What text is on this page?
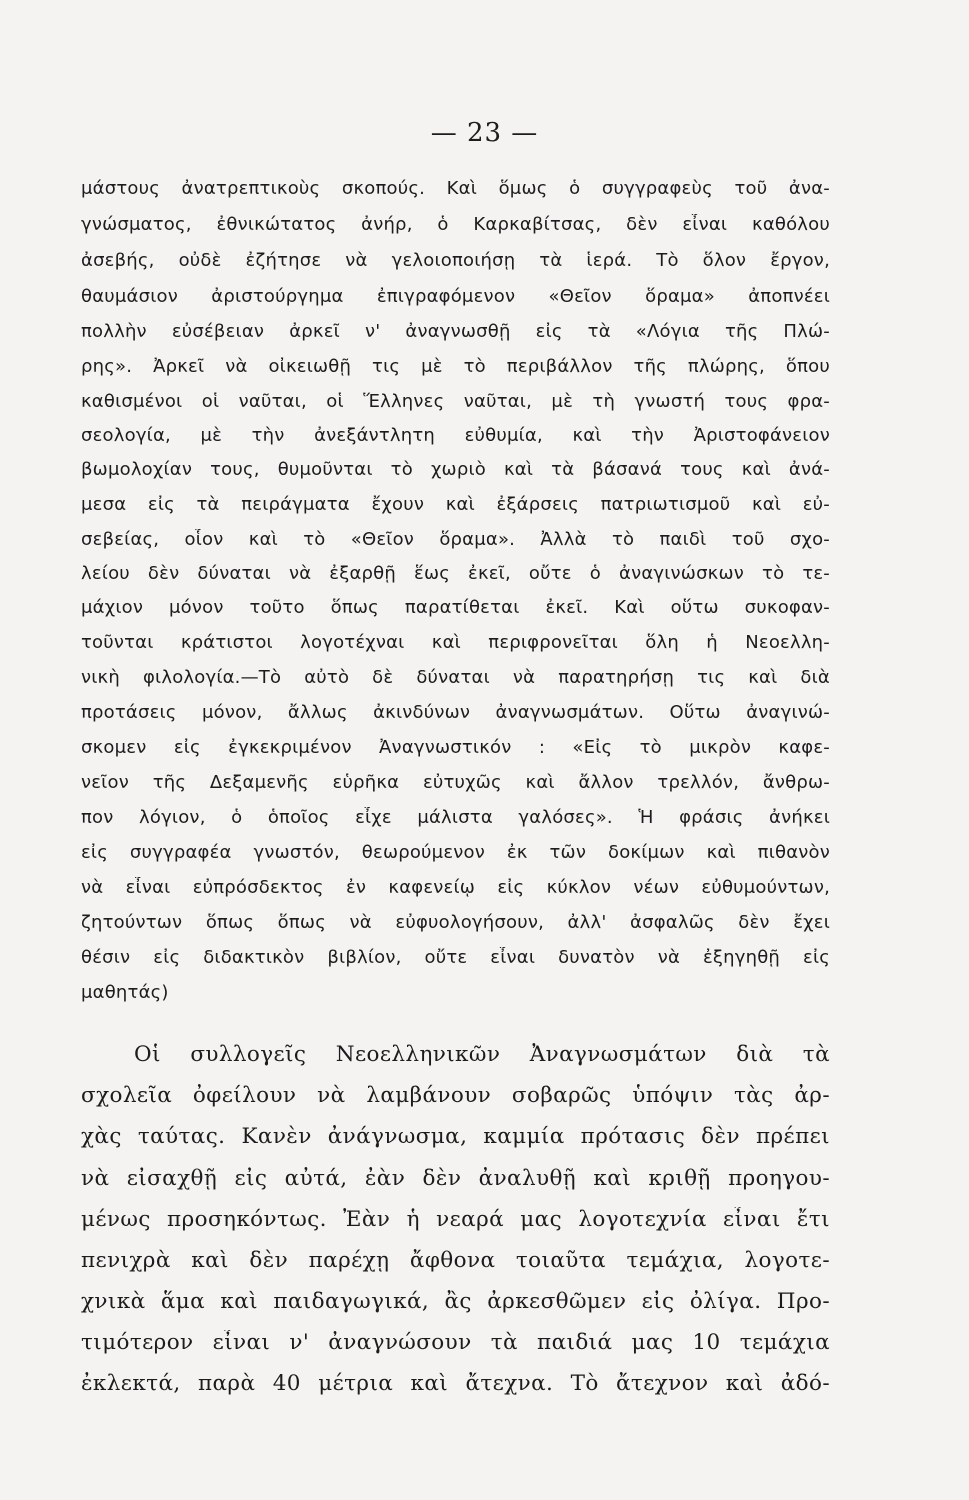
— 23 —
μάστους ἀνατρεπτικοὺς σκοπούς. Καὶ ὅμως ὁ συγγραφεὺς τοῦ ἀνα-
γνώσματος, ἐθνικώτατος ἀνήρ, ὁ Καρκαβίτσας, δὲν εἶναι καθόλου
ἀσεβής, οὐδὲ ἐζήτησε νὰ γελοιοποιήσῃ τὰ ἱερά. Τὸ ὅλον ἔργον,
θαυμάσιον ἀριστούργημα ἐπιγραφόμενον «Θεῖον ὅραμα» ἀποπνέει
πολλὴν εὐσέβειαν ἀρκεῖ ν' ἀναγνωσθῇ εἰς τὰ «Λόγια τῆς Πλώ-
ρης». Ἀρκεῖ νὰ οἰκειωθῇ τις μὲ τὸ περιβάλλον τῆς πλώρης, ὅπου
καθισμένοι οἱ ναῦται, οἱ Ἕλληνες ναῦται, μὲ τὴ γνωστή τους φρα-
σεολογία, μὲ τὴν ἀνεξάντλητη εὐθυμία, καὶ τὴν Ἀριστοφάνειον
βωμολοχίαν τους, θυμοῦνται τὸ χωριὸ καὶ τὰ βάσανά τους καὶ ἀνά-
μεσα εἰς τὰ πειράγματα ἔχουν καὶ ἐξάρσεις πατριωτισμοῦ καὶ εὐ-
σεβείας, οἷον καὶ τὸ «Θεῖον ὅραμα». Ἀλλὰ τὸ παιδὶ τοῦ σχο-
λείου δὲν δύναται νὰ ἐξαρθῇ ἕως ἐκεῖ, οὔτε ὁ ἀναγινώσκων τὸ τε-
μάχιον μόνον τοῦτο ὅπως παρατίθεται ἐκεῖ. Καὶ οὕτω συκοφαν-
τοῦνται κράτιστοι λογοτέχναι καὶ περιφρονεῖται ὅλη ἡ Νεοελλη-
νικὴ φιλολογία.—Τὸ αὐτὸ δὲ δύναται νὰ παρατηρήσῃ τις καὶ διὰ
προτάσεις μόνον, ἄλλως ἀκινδύνων ἀναγνωσμάτων. Οὕτω ἀναγινώ-
σκομεν εἰς ἐγκεκριμένον Ἀναγνωστικόν : «Εἰς τὸ μικρὸν καφε-
νεῖον τῆς Δεξαμενῆς εὑρῆκα εὐτυχῶς καὶ ἄλλον τρελλόν, ἄνθρω-
πον λόγιον, ὁ ὁποῖος εἶχε μάλιστα γαλόσες». Ἡ φράσις ἀνήκει
εἰς συγγραφέα γνωστόν, θεωρούμενον ἐκ τῶν δοκίμων καὶ πιθανὸν
νὰ εἶναι εὐπρόσδεκτος ἐν καφενείῳ εἰς κύκλον νέων εὐθυμούντων,
ζητούντων ὅπως ὅπως νὰ εὐφυολογήσουν, ἀλλ' ἀσφαλῶς δὲν ἔχει
θέσιν εἰς διδακτικὸν βιβλίον, οὔτε εἶναι δυνατὸν νὰ ἐξηγηθῇ εἰς
μαθητάς)
Οἱ συλλογεῖς Νεοελληνικῶν Ἀναγνωσμάτων διὰ τὰ
σχολεῖα ὀφείλουν νὰ λαμβάνουν σοβαρῶς ὑπόψιν τὰς ἀρ-
χὰς ταύτας. Κανὲν ἀνάγνωσμα, καμμία πρότασις δὲν πρέπει
νὰ εἰσαχθῇ εἰς αὐτά, ἐὰν δὲν ἀναλυθῇ καὶ κριθῇ προηγου-
μένως προσηκόντως. Ἐὰν ἡ νεαρά μας λογοτεχνία εἶναι ἔτι
πενιχρὰ καὶ δὲν παρέχῃ ἄφθονα τοιαῦτα τεμάχια, λογοτε-
χνικὰ ἅμα καὶ παιδαγωγικά, ἂς ἀρκεσθῶμεν εἰς ὀλίγα. Προ-
τιμότερον εἶναι ν' ἀναγνώσουν τὰ παιδιά μας 10 τεμάχια
ἐκλεκτά, παρὰ 40 μέτρια καὶ ἄτεχνα. Τὸ ἄτεχνον καὶ ἀδό-
